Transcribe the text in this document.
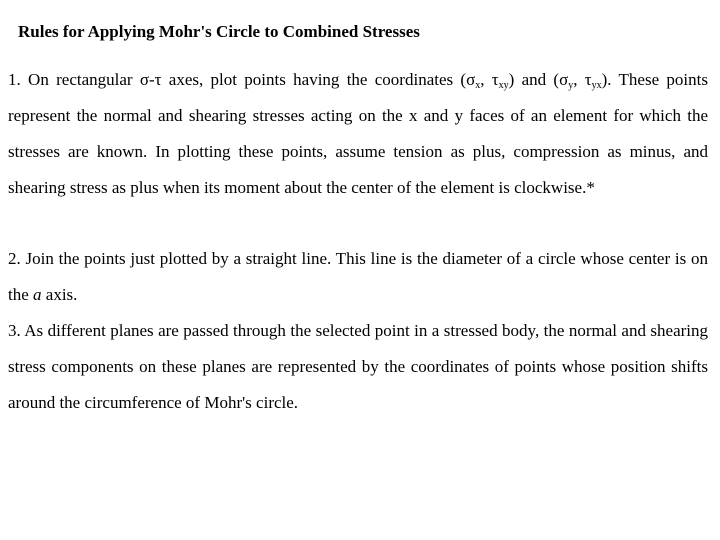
Rules for Applying Mohr's Circle to Combined Stresses

1. On rectangular σ-τ axes, plot points having the coordinates ($\sigma_x$, $\tau_{xy}$) and ($\sigma_y$, $\tau_{yx}$). These points represent the normal and shearing stresses acting on the x and y faces of an element for which the stresses are known. In plotting these points, assume tension as plus, compression as minus, and shearing stress as plus when its moment about the center of the element is clockwise.*

2. Join the points just plotted by a straight line. This line is the diameter of a circle whose center is on the a axis.

3. As different planes are passed through the selected point in a stressed body, the normal and shearing stress components on these planes are represented by the coordinates of points whose position shifts around the circumference of Mohr's circle.
